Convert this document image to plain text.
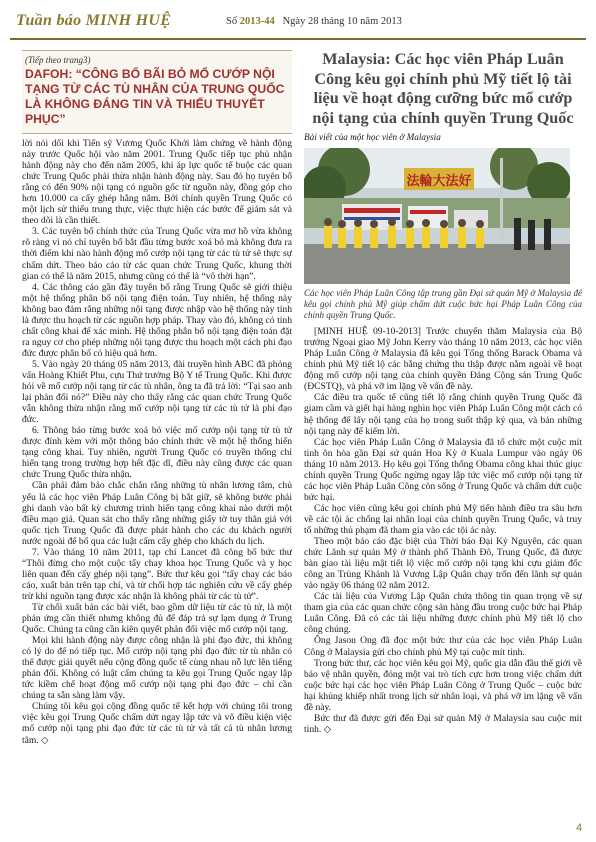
Tuần báo MINH HUỆ	Số 2013-44 Ngày 28 tháng 10 năm 2013
(Tiếp theo trang3)
DAFOH: “CÔNG BỐ BÃI BỎ MỔ CƯỚP NỘI TẠNG TỪ CÁC TÙ NHÂN CỦA TRUNG QUỐC LÀ KHÔNG ĐÁNG TIN VÀ THIẾU THUYẾT PHỤC”

lời nói dối khi Tiến sỹ Vương Quốc Khởi làm chứng về hành động này trước Quốc hội vào năm 2001. Trung Quốc tiếp tục phủ nhận hành động này cho đến năm 2005, khi áp lực quốc tế buộc các quan chức Trung Quốc phải thừa nhận hành động này. Sau đó họ tuyên bố rằng có đến 90% nội tạng có nguồn gốc từ nguồn này, đồng góp cho hơn 10.000 ca cấy ghép hằng năm. Bởi chính quyền Trung Quốc có một lịch sử thiếu trung thực, việc thực hiện các bước để giám sát và theo dõi là cần thiết.

3. Các tuyên bố chính thức của Trung Quốc vừa mơ hồ vừa không rõ ràng vì nó chỉ tuyên bố bắt đầu từng bước xoá bỏ mà không đưa ra thời điểm khi nào hành động mổ cướp nội tạng từ các tù tử sẽ thực sự chấm dứt. Theo báo cáo từ các quan chức Trung Quốc, khung thời gian có thể là năm 2015, nhưng cũng có thể là “vô thời hạn”.

4. Các thông cáo gần đây tuyên bố rằng Trung Quốc sẽ giới thiệu một hệ thống phân bổ nội tạng điện toán. Tuy nhiên, hệ thống này không bao đảm rằng những nội tạng được nhập vào hệ thống này tính là được thu hoạch từ các nguồn hợp pháp. Thay vào đó, không có tính chất công khai để xác minh. Hệ thống phân bổ nội tạng điện toán đặt ra nguy cơ cho phép những nội tạng được thu hoạch một cách phi đạo đức được phân bổ có hiệu quả hơn.

5. Vào ngày 20 tháng 05 năm 2013, đài truyền hình ABC đã phỏng vấn Hoàng Khiết Phu, cựu Thứ trưởng Bộ Y tế Trung Quốc. Khi được hỏi về mổ cướp nội tạng từ các tù nhân, ông ta đã trả lời: “Tại sao anh lại phản đối nó?” Điều này cho thấy rằng các quan chức Trung Quốc vẫn không thừa nhận rằng mổ cướp nội tạng từ các tù tử là phi đạo đức.

6. Thông báo từng bước xoá bỏ việc mổ cướp nội tạng từ tù tử được đính kèm với một thông báo chính thức về một hệ thống hiến tạng công khai. Tuy nhiên, người Trung Quốc có truyền thống chỉ hiến tạng trong trường hợp hết đặc dĩ, điều này cũng được các quan chức Trung Quốc thừa nhận.

Cần phải đảm bảo chắc chắn rằng những tù nhân lương tâm, chủ yếu là các học viên Pháp Luân Công bị bắt giữ, sẽ không bước phải ghi danh vào bất kỳ chương trình hiến tạng công khai nào dưới một điều mạo giả. Quan sát cho thấy rằng những giấy tờ tuy thân giả với quốc tịch Trung Quốc đã được phát hành cho các du khách người nước ngoài để bổ qua các luật cấm cấy ghép cho khách du lịch.

7. Vào tháng 10 năm 2011, tạp chí Lancet đã công bố bức thư “Thôi đừng cho một cuộc tẩy chay khoa học Trung Quốc và y học liên quan đến cấy ghép nội tạng”. Bức thư kêu gọi “tẩy chay các báo cáo, xuất bản trên tạp chí, và từ chối hợp tác nghiên cứu về cấy ghép trừ khi nguồn tạng được xác nhận là không phải từ các tù tử”.

Từ chối xuất bản các bài viết, bao gồm dữ liệu từ các tù tử, là một phản ứng cần thiết nhưng không đủ để đáp trả sự lạm dụng ở Trung Quốc. Chúng ta cũng cần kiên quyết phản đối việc mổ cướp nội tạng.

Mọi khi hành động này được công nhận là phi đạo đức, thì không có lý do để nó tiếp tục. Mổ cướp nội tạng phi đạo đức từ tù nhân có thể được giải quyết nếu cộng đồng quốc tế cùng nhau nỗ lực lên tiếng phản đối. Không có luật cấm chúng ta kêu gọi Trung Quốc ngay lập tức kiềm chế hoạt động mổ cướp nội tạng phi đạo đức – chỉ cần chúng ta sẵn sàng làm vậy.

Chúng tôi kêu gọi cộng đồng quốc tế kết hợp với chúng tôi trong việc kêu gọi Trung Quốc chấm dứt ngay lập tức và vô điều kiện việc mổ cướp nội tạng phi đạo đức từ các tù tử và tất cả tù nhân lương tâm. ◇

Malaysia: Các học viên Pháp Luân Công kêu gọi chính phủ Mỹ tiết lộ tài liệu về hoạt động cưỡng bức mổ cướp nội tạng của chính quyền Trung Quốc
Bài viết của một học viên ở Malaysia
法輪大法好
Các học viên Pháp Luân Công tập trung gần Đại sứ quán Mỹ ở Malaysia để kêu gọi chính phủ Mỹ giúp chấm dứt cuộc bức hại Pháp Luân Công của chính quyền Trung Quốc.

[MINH HUỆ 09-10-2013] Trước chuyến thăm Malaysia của Bộ trưởng Ngoại giao Mỹ John Kerry vào tháng 10 năm 2013, các học viên Pháp Luân Công ở Malaysia đã kêu gọi Tổng thống Barack Obama và chính phủ Mỹ tiết lộ các bằng chứng thu thập được nằm ngoài về hoạt động mổ cướp nội tạng của chính quyền Đảng Cộng sản Trung Quốc (ĐCSTQ), và phá vỡ im lặng về vấn đề này.

Các điều tra quốc tế cũng tiết lộ rằng chính quyền Trung Quốc đã giam cầm và giết hại hàng nghìn học viên Pháp Luân Công một cách có hệ thống để lấy nội tạng của họ trong suốt thập kỷ qua, và bán những nội tạng này để kiếm lời.

Các học viên Pháp Luân Công ở Malaysia đã tổ chức một cuộc mít tinh ôn hòa gần Đại sứ quán Hoa Kỳ ở Kuala Lumpur vào ngày 06 tháng 10 năm 2013. Họ kêu gọi Tổng thống Obama công khai thúc giục chính quyền Trung Quốc ngừng ngay lập tức việc mổ cướp nội tạng từ các học viên Pháp Luân Công còn sống ở Trung Quốc và chấm dứt cuộc bức hại.

Các học viên cũng kêu gọi chính phủ Mỹ tiến hành điều tra sâu hơn về các tội ác chống lại nhân loại của chính quyền Trung Quốc, và truy tố những thủ phạm đã tham gia vào các tội ác này.

Theo một báo cáo đặc biệt của Thời báo Đại Kỷ Nguyên, các quan chức Lãnh sự quán Mỹ ở thành phố Thành Đô, Trung Quốc, đã được bàn giao tài liệu mật tiết lộ việc mổ cướp nội tạng khi cựu giám đốc công an Trùng Khánh là Vương Lập Quân chạy trốn đến lãnh sự quán vào ngày 06 tháng 02 năm 2012.

Các tài liệu của Vương Lập Quân chứa thông tin quan trọng về sự tham gia của các quan chức cộng sản hàng đầu trong cuộc bức hại Pháp Luân Công. Đã có các tài liệu những được chính phủ Mỹ tiết lộ cho công chúng.

Ông Jason Ong đã đọc một bức thư của các học viên Pháp Luân Công ở Malaysia gửi cho chính phủ Mỹ tại cuộc mít tinh.

Trong bức thư, các học viên kêu gọi Mỹ, quốc gia dẫn đầu thế giới về bảo vệ nhân quyền, đóng một vai trò tích cực hơn trong việc chấm dứt cuộc bức hại các học viên Pháp Luân Công ở Trung Quốc – cuộc bức hại khủng khiếp nhất trong lịch sử nhân loại, và phá vỡ im lặng về vấn đề này.

Bức thư đã được gửi đến Đại sứ quán Mỹ ở Malaysia sau cuộc mít tinh. ◇

4
